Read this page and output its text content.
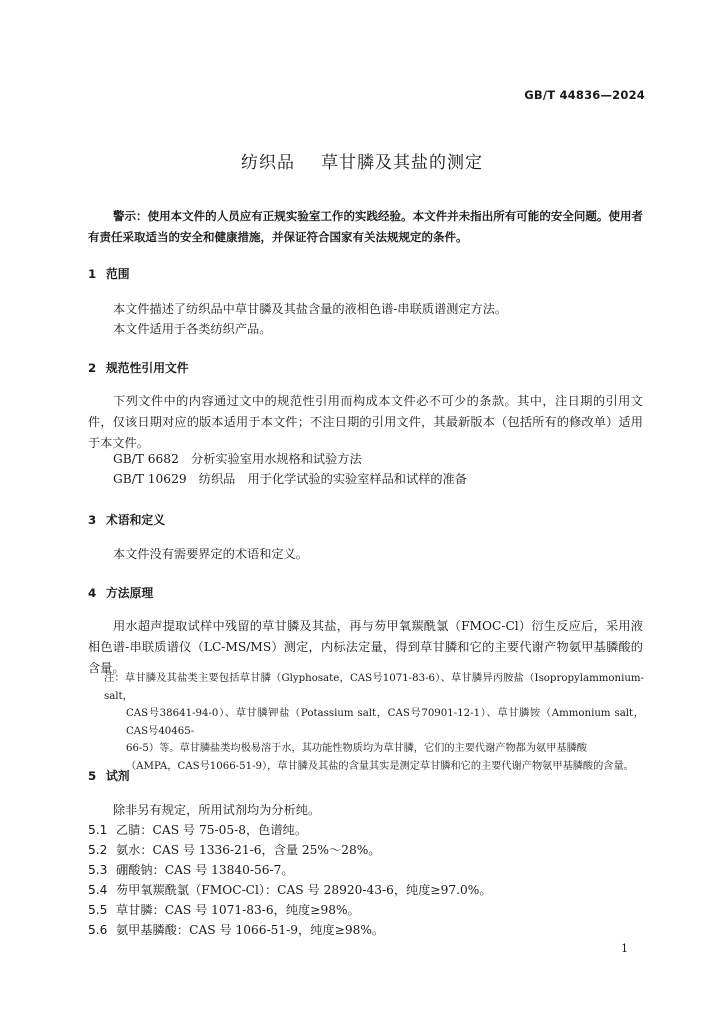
GB/T 44836—2024
纺织品 草甘膦及其盐的测定
警示：使用本文件的人员应有正规实验室工作的实践经验。本文件并未指出所有可能的安全问题。使用者有责任采取适当的安全和健康措施，并保证符合国家有关法规规定的条件。
1 范围
本文件描述了纺织品中草甘膦及其盐含量的液相色谱-串联质谱测定方法。
本文件适用于各类纺织产品。
2 规范性引用文件
下列文件中的内容通过文中的规范性引用而构成本文件必不可少的条款。其中，注日期的引用文件，仅该日期对应的版本适用于本文件；不注日期的引用文件，其最新版本（包括所有的修改单）适用于本文件。
GB/T 6682　分析实验室用水规格和试验方法
GB/T 10629　纺织品　用于化学试验的实验室样品和试样的准备
3 术语和定义
本文件没有需要界定的术语和定义。
4 方法原理
用水超声提取试样中残留的草甘膦及其盐，再与芴甲氧羰酰氯（FMOC-Cl）衍生反应后，采用液相色谱-串联质谱仪（LC-MS/MS）测定，内标法定量，得到草甘膦和它的主要代谢产物氨甲基膦酸的含量。
注：草甘膦及其盐类主要包括草甘膦（Glyphosate，CAS号1071-83-6）、草甘膦异丙胺盐（Isopropylammonium-salt，
CAS号38641-94-0）、草甘膦钾盐（Potassium salt，CAS号70901-12-1）、草甘膦铵（Ammonium salt，CAS号40465-
66-5）等。草甘膦盐类均极易溶于水，其功能性物质均为草甘膦，它们的主要代谢产物都为氨甲基膦酸
（AMPA，CAS号1066-51-9），草甘膦及其盐的含量其实是测定草甘膦和它的主要代谢产物氨甲基膦酸的含量。
5 试剂
除非另有规定，所用试剂均为分析纯。
5.1 乙腈：CAS 号 75-05-8，色谱纯。
5.2 氨水：CAS 号 1336-21-6，含量 25%～28%。
5.3 硼酸钠：CAS 号 13840-56-7。
5.4 芴甲氧羰酰氯（FMOC-Cl）：CAS 号 28920-43-6，纯度≥97.0%。
5.5 草甘膦：CAS 号 1071-83-6，纯度≥98%。
5.6 氨甲基膦酸：CAS 号 1066-51-9，纯度≥98%。
1
